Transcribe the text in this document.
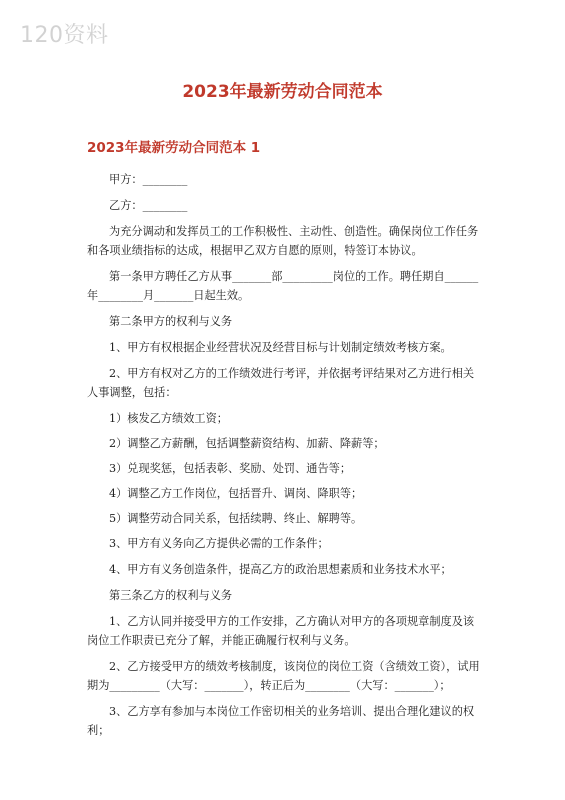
120资料
2023年最新劳动合同范本
2023年最新劳动合同范本 1

甲方：________

乙方：________

为充分调动和发挥员工的工作积极性、主动性、创造性。确保岗位工作任务和各项业绩指标的达成，根据甲乙双方自愿的原则，特签订本协议。

第一条甲方聘任乙方从事_______部_________岗位的工作。聘任期自______年________月_______日起生效。

第二条甲方的权利与义务

1、甲方有权根据企业经营状况及经营目标与计划制定绩效考核方案。

2、甲方有权对乙方的工作绩效进行考评，并依据考评结果对乙方进行相关人事调整，包括：

1）核发乙方绩效工资；

2）调整乙方薪酬，包括调整薪资结构、加薪、降薪等；

3）兑现奖惩，包括表彰、奖励、处罚、通告等；

4）调整乙方工作岗位，包括晋升、调岗、降职等；

5）调整劳动合同关系，包括续聘、终止、解聘等。

3、甲方有义务向乙方提供必需的工作条件；

4、甲方有义务创造条件，提高乙方的政治思想素质和业务技术水平；

第三条乙方的权利与义务

1、乙方认同并接受甲方的工作安排，乙方确认对甲方的各项规章制度及该岗位工作职责已充分了解，并能正确履行权利与义务。

2、乙方接受甲方的绩效考核制度，该岗位的岗位工资（含绩效工资），试用期为_________（大写：_______），转正后为________（大写：_______）；

3、乙方享有参加与本岗位工作密切相关的业务培训、提出合理化建议的权利；
